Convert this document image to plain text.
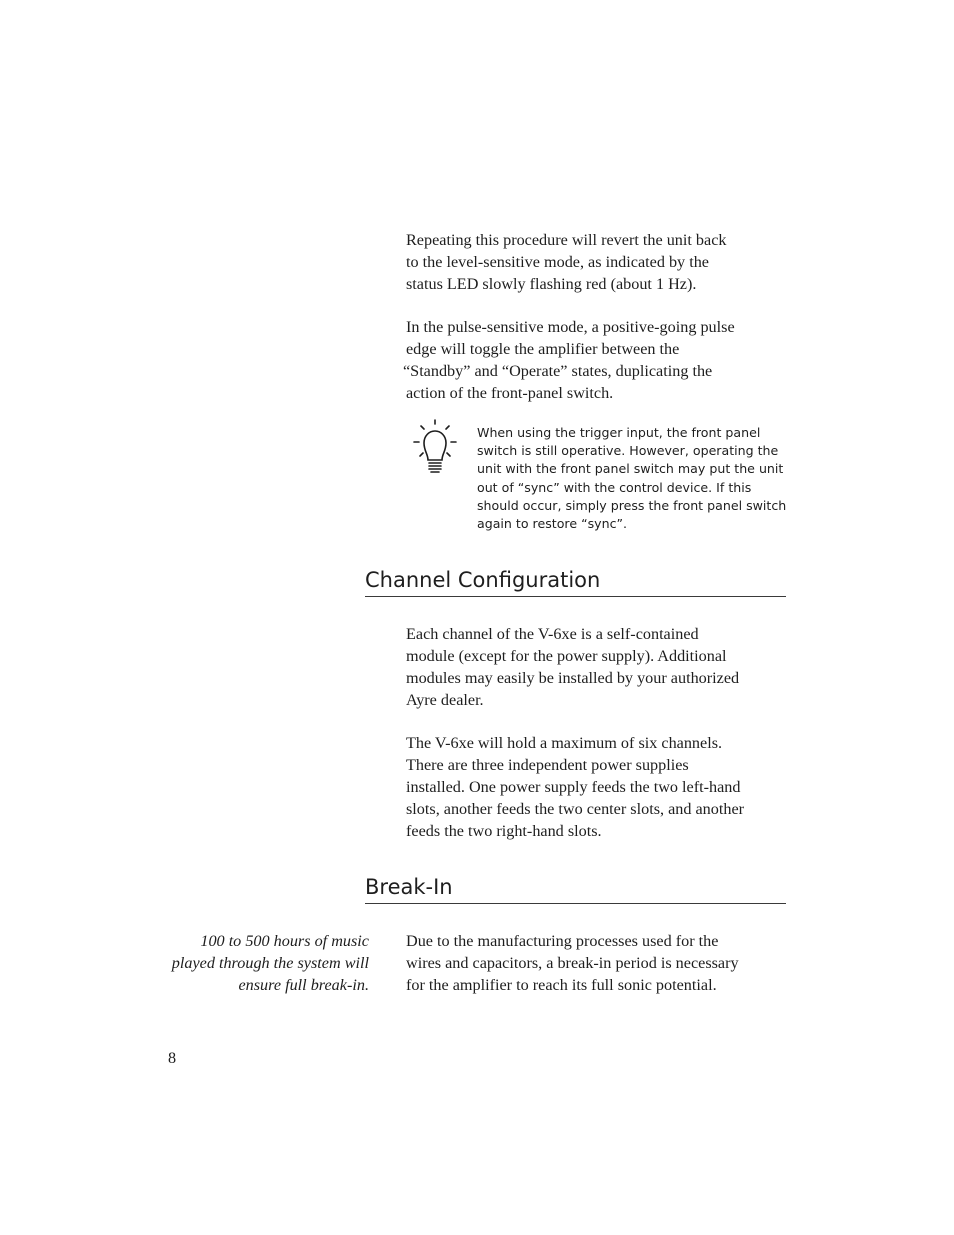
Repeating this procedure will revert the unit back
to the level-sensitive mode, as indicated by the
status LED slowly flashing red (about 1 Hz).

In the pulse-sensitive mode, a positive-going pulse
edge will toggle the amplifier between the
“Standby” and “Operate” states, duplicating the
action of the front-panel switch.

When using the trigger input, the front panel
switch is still operative. However, operating the
unit with the front panel switch may put the unit
out of “sync” with the control device. If this
should occur, simply press the front panel switch
again to restore “sync”.

Channel Configuration

Each channel of the V-6xe is a self-contained
module (except for the power supply). Additional
modules may easily be installed by your authorized
Ayre dealer.

The V-6xe will hold a maximum of six channels.
There are three independent power supplies
installed. One power supply feeds the two left-hand
slots, another feeds the two center slots, and another
feeds the two right-hand slots.

Break-In

100 to 500 hours of music
played through the system will
ensure full break-in.

Due to the manufacturing processes used for the
wires and capacitors, a break-in period is necessary
for the amplifier to reach its full sonic potential.

8
